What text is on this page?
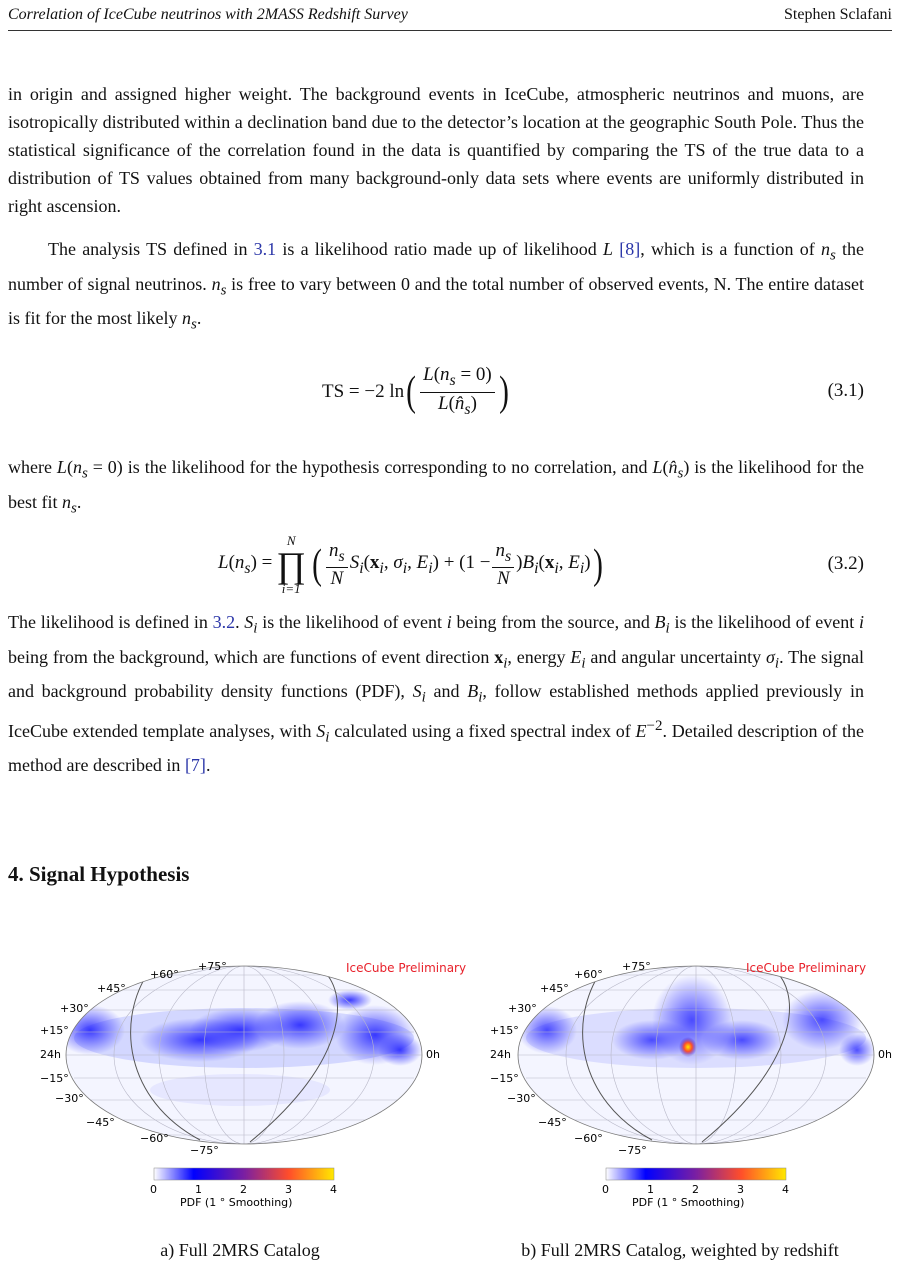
Correlation of IceCube neutrinos with 2MASS Redshift Survey	Stephen Sclafani

in origin and assigned higher weight. The background events in IceCube, atmospheric neutrinos and muons, are isotropically distributed within a declination band due to the detector’s location at the geographic South Pole. Thus the statistical significance of the correlation found in the data is quantified by comparing the TS of the true data to a distribution of TS values obtained from many background-only data sets where events are uniformly distributed in right ascension.

The analysis TS defined in 3.1 is a likelihood ratio made up of likelihood L [8], which is a function of $n_s$ the number of signal neutrinos. $n_s$ is free to vary between 0 and the total number of observed events, N. The entire dataset is fit for the most likely $n_s$.

TS = −2 ln ( $\frac{L(n_s = 0)}{L(n̂_s)}$ )	(3.1)

where $L(n_s = 0)$ is the likelihood for the hypothesis corresponding to no correlation, and $L(n̂_s)$ is the likelihood for the best fit $n_s$.

$L(n_s)$ =
N
∏
i=1
( $\frac{n_s}{N} S_i(x_i$, $\sigma_i$, $E_i) + (1 - \frac{n_s}{N} )B_i(x_i$, $E_i$) )	(3.2)

The likelihood is defined in 3.2. $S_i$ is the likelihood of event i being from the source, and $B_i$ is the likelihood of event i being from the background, which are functions of event direction $x_i$, energy $E_i$ and angular uncertainty $\sigma_i$. The signal and background probability density functions (PDF), $S_i$ and $B_i$, follow established methods applied previously in IceCube extended template analyses, with $S_i$ calculated using a fixed spectral index of $E^{-2}$. Detailed description of the method are described in [7].

4. Signal Hypothesis
IceCube Preliminary
+75°
+60°
+45°
+30°
+15°
24h
−15°
−30°
−45°
−60°
−75°
0h
0	1	2	3	4
PDF (1 ° Smoothing)
a) Full 2MRS Catalog
IceCube Preliminary
+75°
+60°
+45°
+30°
+15°
24h
−15°
−30°
−45°
−60°
−75°
0h
0	1	2	3	4
PDF (1 ° Smoothing)
b) Full 2MRS Catalog, weighted by redshift
